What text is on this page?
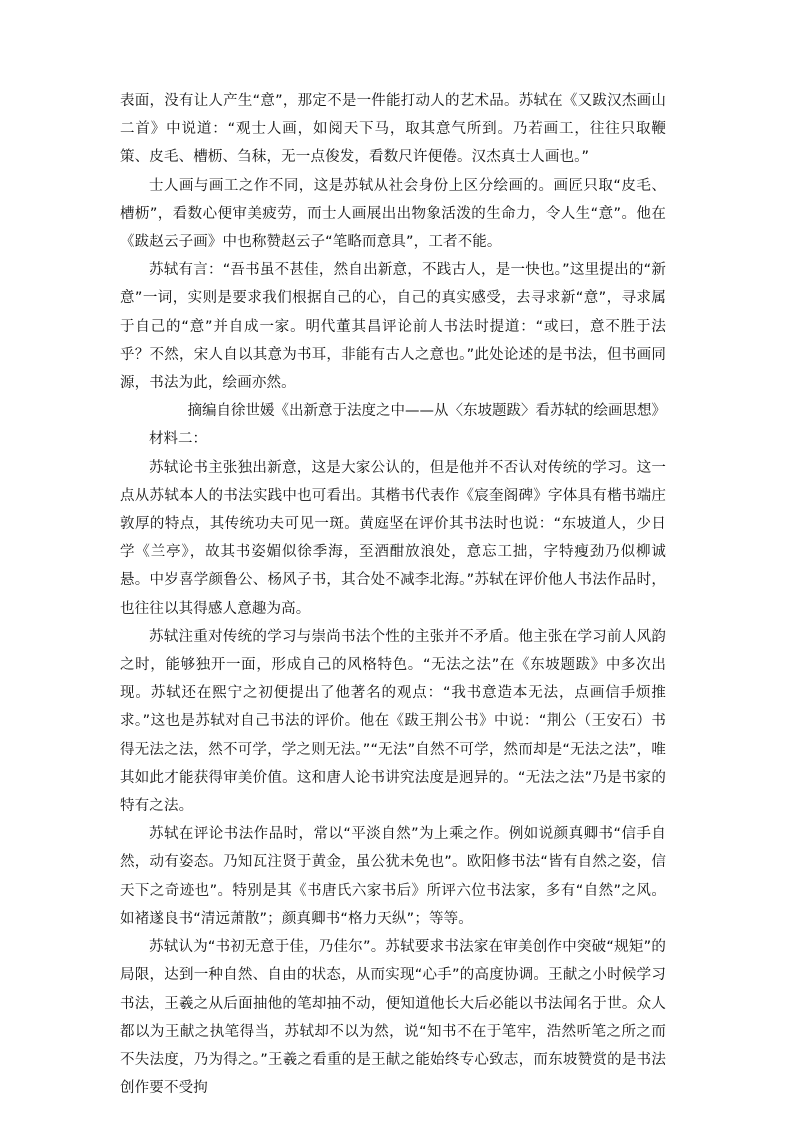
表面，没有让人产生“意”，那定不是一件能打动人的艺术品。苏轼在《又跋汉杰画山二首》中说道：“观士人画，如阅天下马，取其意气所到。乃若画工，往往只取鞭策、皮毛、槽枥、刍秣，无一点俊发，看数尺许便倦。汉杰真士人画也。”

士人画与画工之作不同，这是苏轼从社会身份上区分绘画的。画匠只取“皮毛、槽枥”，看数心便审美疲劳，而士人画展出出物象活泼的生命力，令人生“意”。他在《跋赵云子画》中也称赞赵云子“笔略而意具”，工者不能。

苏轼有言：“吾书虽不甚佳，然自出新意，不践古人，是一快也。”这里提出的“新意”一词，实则是要求我们根据自己的心，自己的真实感受，去寻求新“意”，寻求属于自己的“意”并自成一家。明代董其昌评论前人书法时提道：“或曰，意不胜于法乎？不然，宋人自以其意为书耳，非能有古人之意也。”此处论述的是书法，但书画同源，书法为此，绘画亦然。

摘编自徐世媛《出新意于法度之中——从〈东坡题跋〉看苏轼的绘画思想》

材料二：

苏轼论书主张独出新意，这是大家公认的，但是他并不否认对传统的学习。这一点从苏轼本人的书法实践中也可看出。其楷书代表作《宸奎阁碑》字体具有楷书端庄敦厚的特点，其传统功夫可见一斑。黄庭坚在评价其书法时也说：“东坡道人，少日学《兰亭》，故其书姿媚似徐季海，至酒酣放浪处，意忘工拙，字特瘦劲乃似柳诚悬。中岁喜学颜鲁公、杨风子书，其合处不减李北海。”苏轼在评价他人书法作品时，也往往以其得感人意趣为高。

苏轼注重对传统的学习与崇尚书法个性的主张并不矛盾。他主张在学习前人风韵之时，能够独开一面，形成自己的风格特色。“无法之法”在《东坡题跋》中多次出现。苏轼还在熙宁之初便提出了他著名的观点：“我书意造本无法，点画信手烦推求。”这也是苏轼对自己书法的评价。他在《跋王荆公书》中说：“荆公（王安石）书得无法之法，然不可学，学之则无法。”“无法”自然不可学，然而却是“无法之法”，唯其如此才能获得审美价值。这和唐人论书讲究法度是迥异的。“无法之法”乃是书家的特有之法。

苏轼在评论书法作品时，常以“平淡自然”为上乘之作。例如说颜真卿书“信手自然，动有姿态。乃知瓦注贤于黄金，虽公犹未免也”。欧阳修书法“皆有自然之姿，信天下之奇迹也”。特别是其《书唐氏六家书后》所评六位书法家，多有“自然”之风。如褚遂良书“清远萧散”；颜真卿书“格力天纵”；等等。

苏轼认为“书初无意于佳，乃佳尔”。苏轼要求书法家在审美创作中突破“规矩”的局限，达到一种自然、自由的状态，从而实现“心手”的高度协调。王献之小时候学习书法，王羲之从后面抽他的笔却抽不动，便知道他长大后必能以书法闻名于世。众人都以为王献之执笔得当，苏轼却不以为然，说“知书不在于笔牢，浩然听笔之所之而不失法度，乃为得之。”王羲之看重的是王献之能始终专心致志，而东坡赞赏的是书法创作要不受拘
